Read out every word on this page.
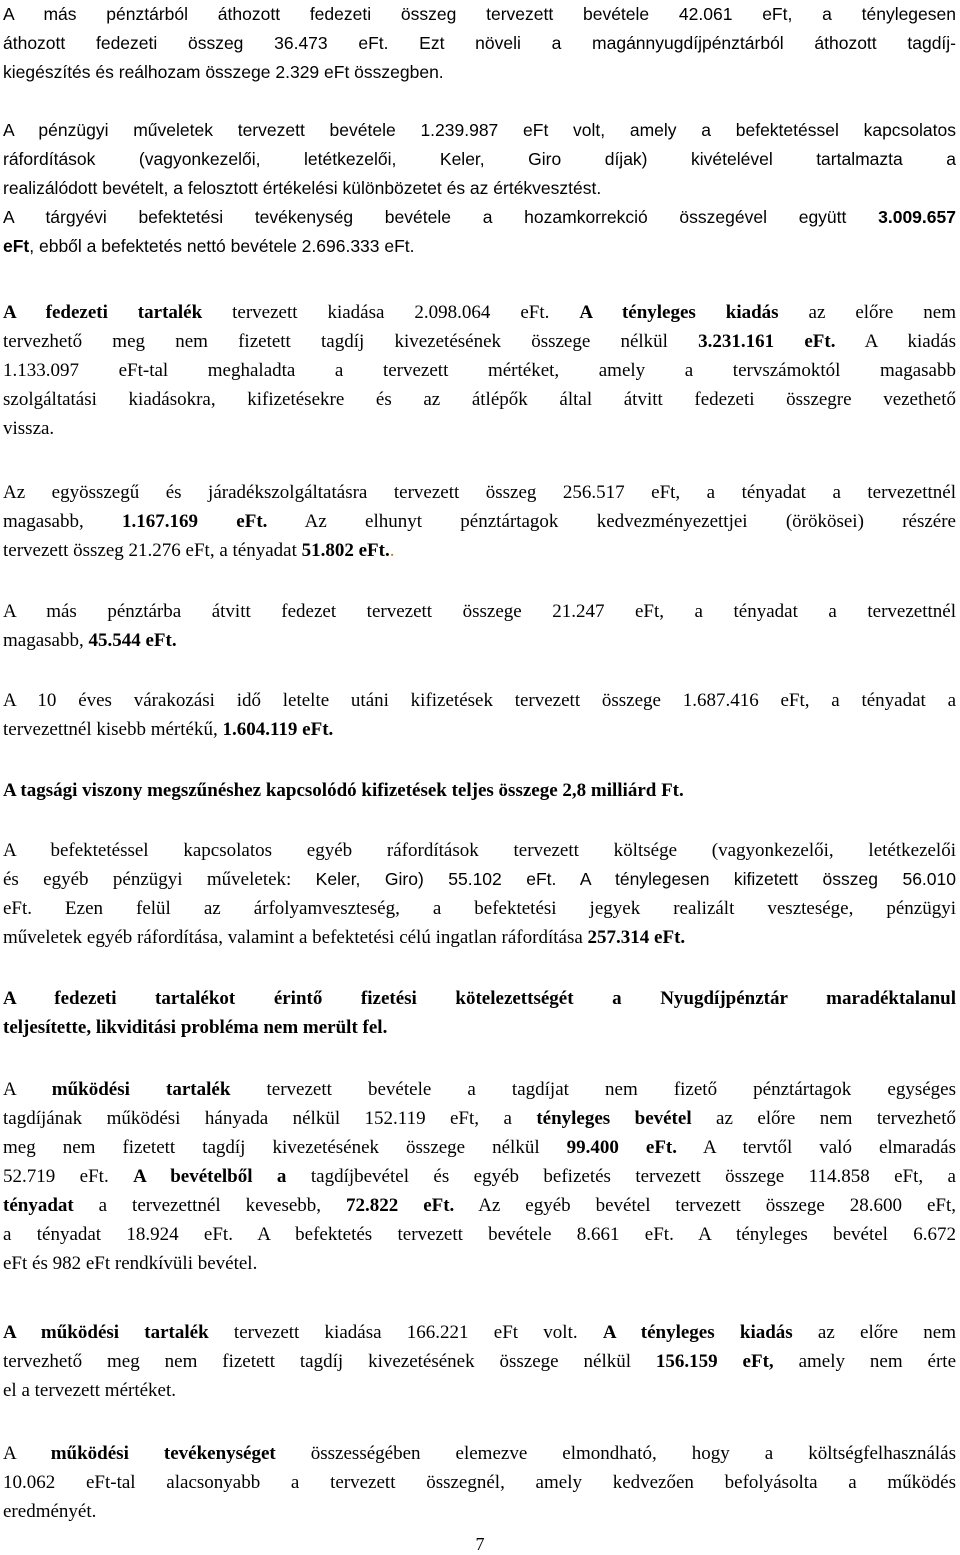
A más pénztárból áthozott fedezeti összeg tervezett bevétele 42.061 eFt, a ténylegesen
áthozott fedezeti összeg 36.473 eFt. Ezt növeli a magánnyugdíjpénztárból áthozott tagdíj-
kiegészítés és reálhozam összege 2.329 eFt összegben.
A pénzügyi műveletek tervezett bevétele 1.239.987 eFt volt, amely a befektetéssel kapcsolatos
ráfordítások (vagyonkezelői, letétkezelői, Keler, Giro díjak) kivételével tartalmazta a
realizálódott bevételt, a felosztott értékelési különbözetet és az értékvesztést.
A tárgyévi befektetési tevékenység bevétele a hozamkorrekció összegével együtt 3.009.657
eFt, ebből a befektetés nettó bevétele 2.696.333 eFt.
A fedezeti tartalék tervezett kiadása 2.098.064 eFt. A tényleges kiadás az előre nem
tervezhető meg nem fizetett tagdíj kivezetésének összege nélkül 3.231.161 eFt. A kiadás
1.133.097 eFt-tal meghaladta a tervezett mértéket, amely a tervszámoktól magasabb
szolgáltatási kiadásokra, kifizetésekre és az átlépők által átvitt fedezeti összegre vezethető
vissza.
Az egyösszegű és járadékszolgáltatásra tervezett összeg 256.517 eFt, a tényadat a tervezettnél
magasabb, 1.167.169 eFt. Az elhunyt pénztártagok kedvezményezettjei (örökösei) részére
tervezett összeg 21.276 eFt, a tényadat 51.802 eFt..
A más pénztárba átvitt fedezet tervezett összege 21.247 eFt, a tényadat a tervezettnél
magasabb, 45.544 eFt.
A 10 éves várakozási idő letelte utáni kifizetések tervezett összege 1.687.416 eFt, a tényadat a
tervezettnél kisebb mértékű, 1.604.119 eFt.
A tagsági viszony megszűnéshez kapcsolódó kifizetések teljes összege 2,8 milliárd Ft.
A befektetéssel kapcsolatos egyéb ráfordítások tervezett költsége (vagyonkezelői, letétkezelői
és egyéb pénzügyi műveletek: Keler, Giro) 55.102 eFt. A ténylegesen kifizetett összeg 56.010
eFt. Ezen felül az árfolyamveszteség, a befektetési jegyek realizált vesztesége, pénzügyi
műveletek egyéb ráfordítása, valamint a befektetési célú ingatlan ráfordítása 257.314 eFt.
A fedezeti tartalékot érintő fizetési kötelezettségét a Nyugdíjpénztár maradéktalanul
teljesítette, likviditási probléma nem merült fel.
A működési tartalék tervezett bevétele a tagdíjat nem fizető pénztártagok egységes
tagdíjának működési hányada nélkül 152.119 eFt, a tényleges bevétel az előre nem tervezhető
meg nem fizetett tagdíj kivezetésének összege nélkül 99.400 eFt. A tervtől való elmaradás
52.719 eFt. A bevételből a tagdíjbevétel és egyéb befizetés tervezett összege 114.858 eFt, a
tényadat a tervezettnél kevesebb, 72.822 eFt. Az egyéb bevétel tervezett összege 28.600 eFt,
a tényadat 18.924 eFt. A befektetés tervezett bevétele 8.661 eFt. A tényleges bevétel 6.672
eFt és 982 eFt rendkívüli bevétel.
A működési tartalék tervezett kiadása 166.221 eFt volt. A tényleges kiadás az előre nem
tervezhető meg nem fizetett tagdíj kivezetésének összege nélkül 156.159 eFt, amely nem érte
el a tervezett mértéket.
A működési tevékenységet összességében elemezve elmondható, hogy a költségfelhasználás
10.062 eFt-tal alacsonyabb a tervezett összegnél, amely kedvezően befolyásolta a működés
eredményét.
7
